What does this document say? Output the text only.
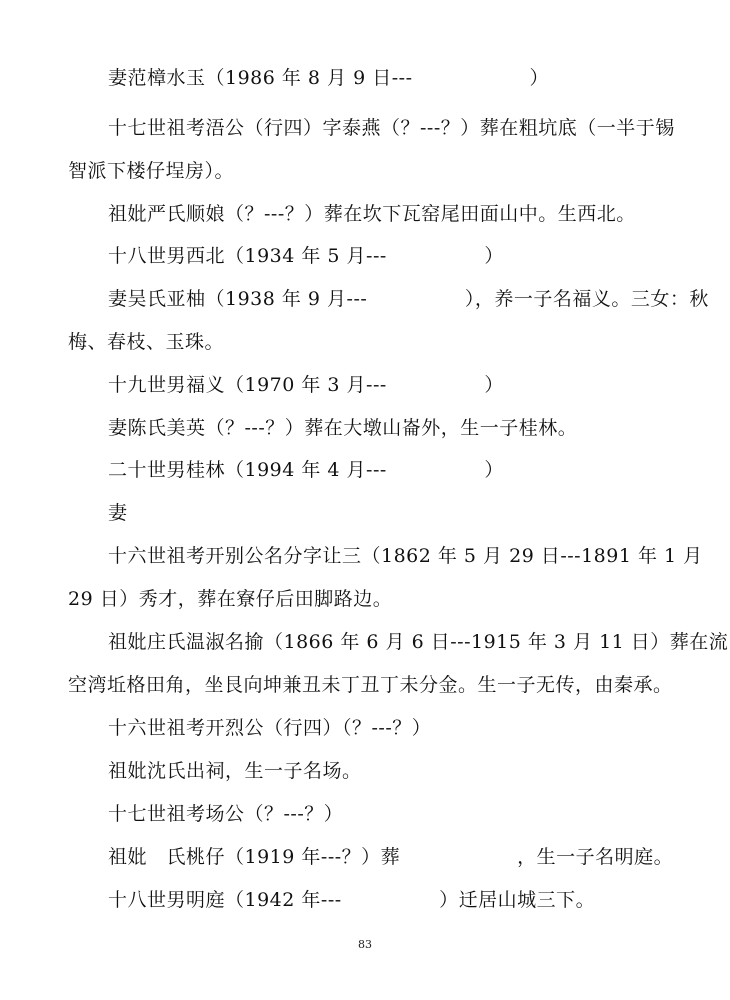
妻范樟水玉（1986 年 8 月 9 日---　　　　　　）
十七世祖考浯公（行四）字泰燕（？---？）葬在粗坑底（一半于锡
智派下楼仔埕房）。
祖妣严氏顺娘（？---？）葬在坎下瓦窑尾田面山中。生西北。
十八世男西北（1934 年 5 月---　　　　　）
妻吴氏亚柚（1938 年 9 月---　　　　　），养一子名福义。三女：秋
梅、春枝、玉珠。
十九世男福义（1970 年 3 月---　　　　　）
妻陈氏美英（？---？）葬在大墩山崙外，生一子桂林。
二十世男桂林（1994 年 4 月---　　　　　）
妻
十六世祖考开别公名分字让三（1862 年 5 月 29 日---1891 年 1 月
29 日）秀才，葬在寮仔后田脚路边。
祖妣庄氏温淑名揄（1866 年 6 月 6 日---1915 年 3 月 11 日）葬在流
空湾坵格田角，坐艮向坤兼丑未丁丑丁未分金。生一子无传，由秦承。
十六世祖考开烈公（行四）（？---？）
祖妣沈氏出祠，生一子名场。
十七世祖考场公（？---？）
祖妣　氏桃仔（1919 年---？）葬　　　　　　，生一子名明庭。
十八世男明庭（1942 年---　　　　　）迁居山城三下。
83
